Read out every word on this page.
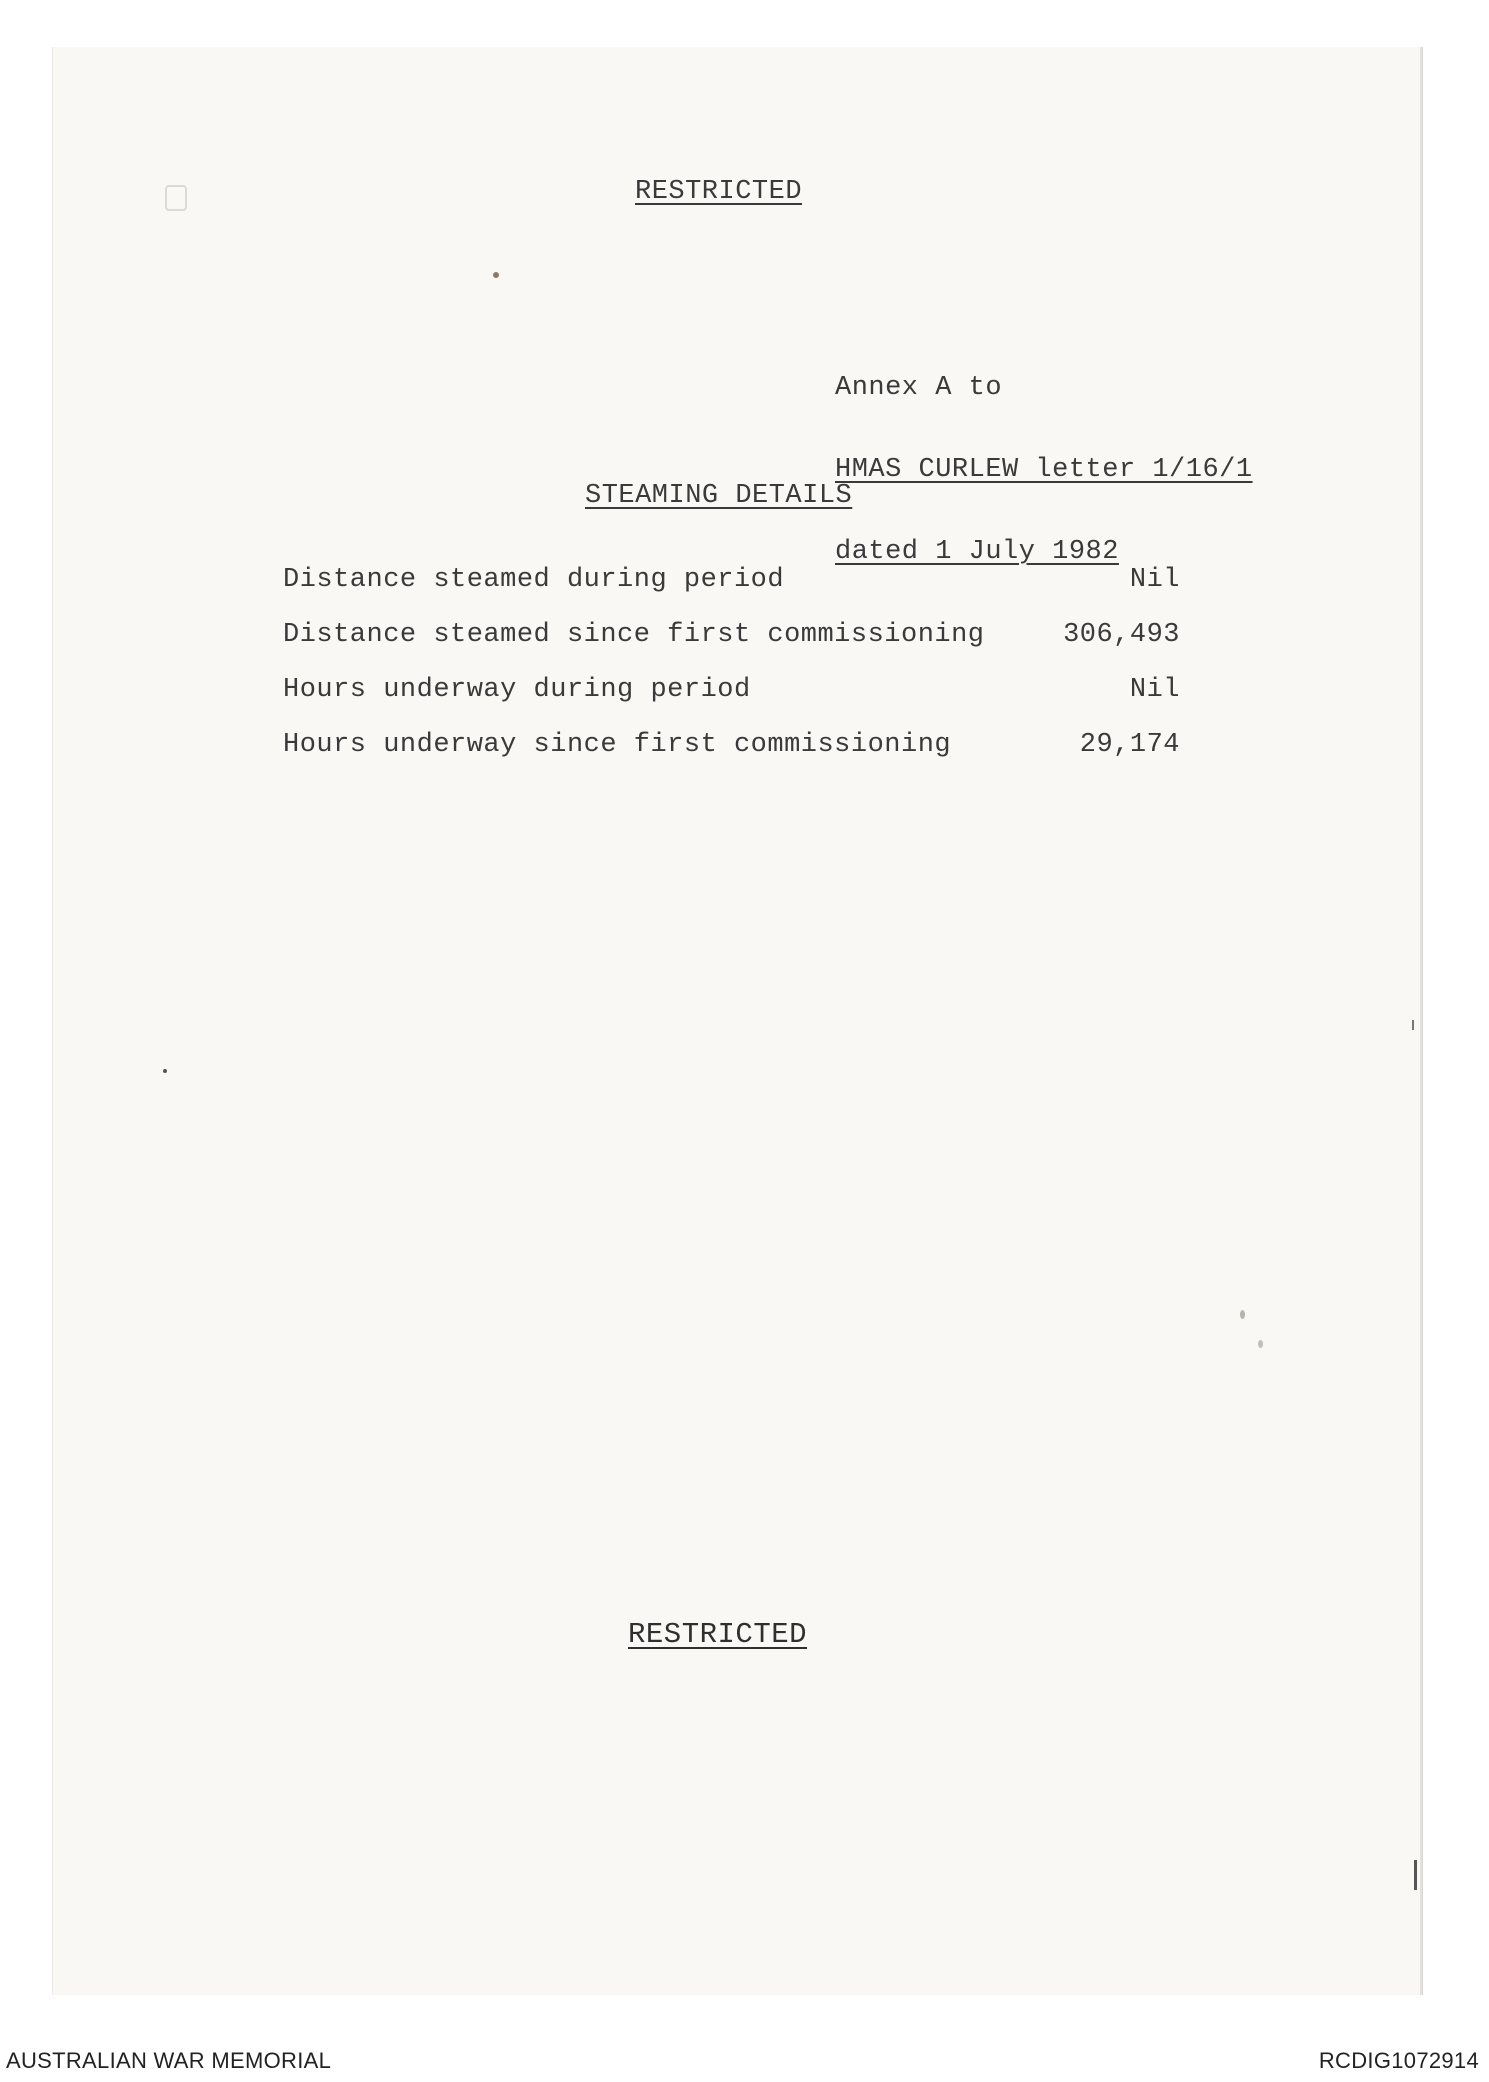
RESTRICTED

Annex A to

HMAS CURLEW letter 1/16/1

dated 1 July 1982

STEAMING DETAILS
Distance steamed during period	Nil
Distance steamed since first commissioning	306,493
Hours underway during period	Nil
Hours underway since first commissioning	29,174
RESTRICTED
AUSTRALIAN WAR MEMORIAL	RCDIG1072914
